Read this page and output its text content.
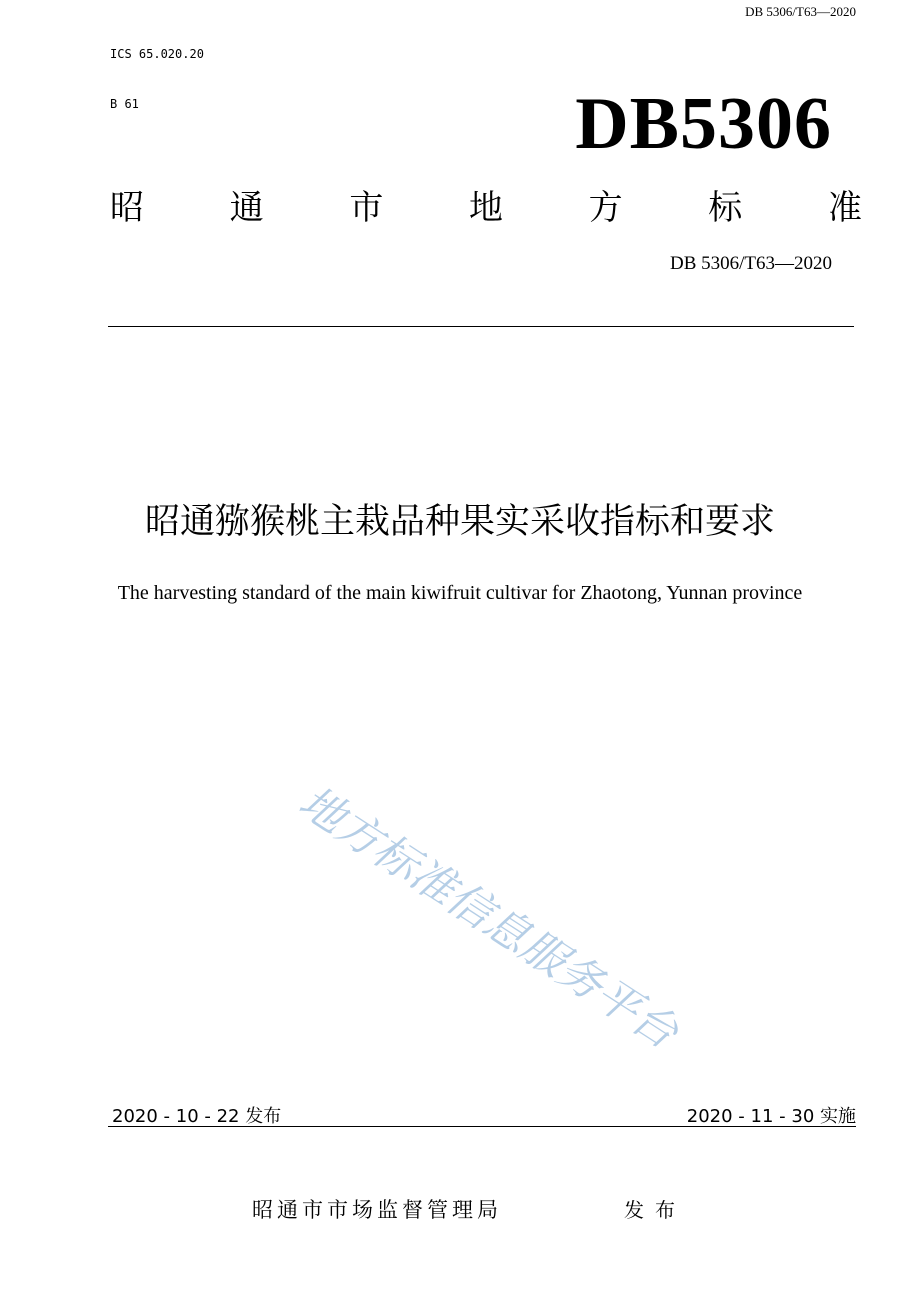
DB 5306/T63—2020
ICS 65.020.20
B 61	DB5306
昭	通	市	地	方	标	准
DB 5306/T63—2020
昭通猕猴桃主栽品种果实采收指标和要求
The harvesting standard of the main kiwifruit cultivar for Zhaotong, Yunnan province
地方标准信息服务平台
2020 - 10 - 22 发布	2020 - 11 - 30 实施
昭通市市场监督管理局	发布
